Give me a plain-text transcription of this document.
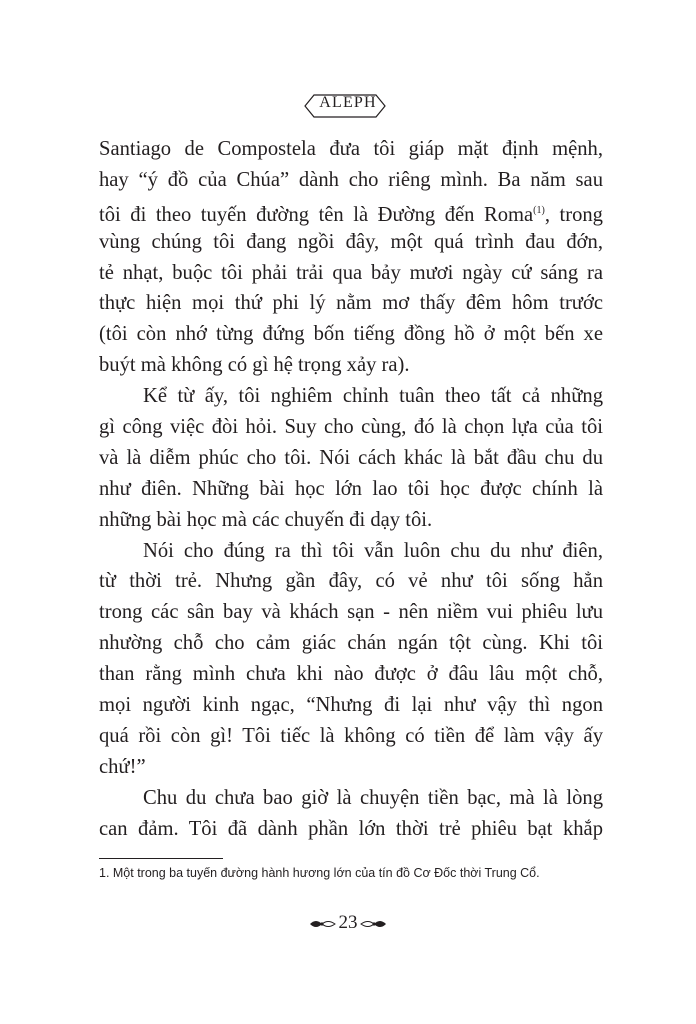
ALEPH
Santiago de Compostela đưa tôi giáp mặt định mệnh,
hay “ý đồ của Chúa” dành cho riêng mình. Ba năm sau
tôi đi theo tuyến đường tên là Đường đến Roma$^{(1)}$, trong
vùng chúng tôi đang ngồi đây, một quá trình đau đớn,
tẻ nhạt, buộc tôi phải trải qua bảy mươi ngày cứ sáng ra
thực hiện mọi thứ phi lý nằm mơ thấy đêm hôm trước
(tôi còn nhớ từng đứng bốn tiếng đồng hồ ở một bến xe
buýt mà không có gì hệ trọng xảy ra).
Kể từ ấy, tôi nghiêm chỉnh tuân theo tất cả những
gì công việc đòi hỏi. Suy cho cùng, đó là chọn lựa của tôi
và là diễm phúc cho tôi. Nói cách khác là bắt đầu chu du
như điên. Những bài học lớn lao tôi học được chính là
những bài học mà các chuyến đi dạy tôi.
Nói cho đúng ra thì tôi vẫn luôn chu du như điên,
từ thời trẻ. Nhưng gần đây, có vẻ như tôi sống hẳn
trong các sân bay và khách sạn - nên niềm vui phiêu lưu
nhường chỗ cho cảm giác chán ngán tột cùng. Khi tôi
than rằng mình chưa khi nào được ở đâu lâu một chỗ,
mọi người kinh ngạc, “Nhưng đi lại như vậy thì ngon
quá rồi còn gì! Tôi tiếc là không có tiền để làm vậy ấy
chứ!”
Chu du chưa bao giờ là chuyện tiền bạc, mà là lòng
can đảm. Tôi đã dành phần lớn thời trẻ phiêu bạt khắp
1. Một trong ba tuyến đường hành hương lớn của tín đồ Cơ Đốc thời Trung Cổ.
23
